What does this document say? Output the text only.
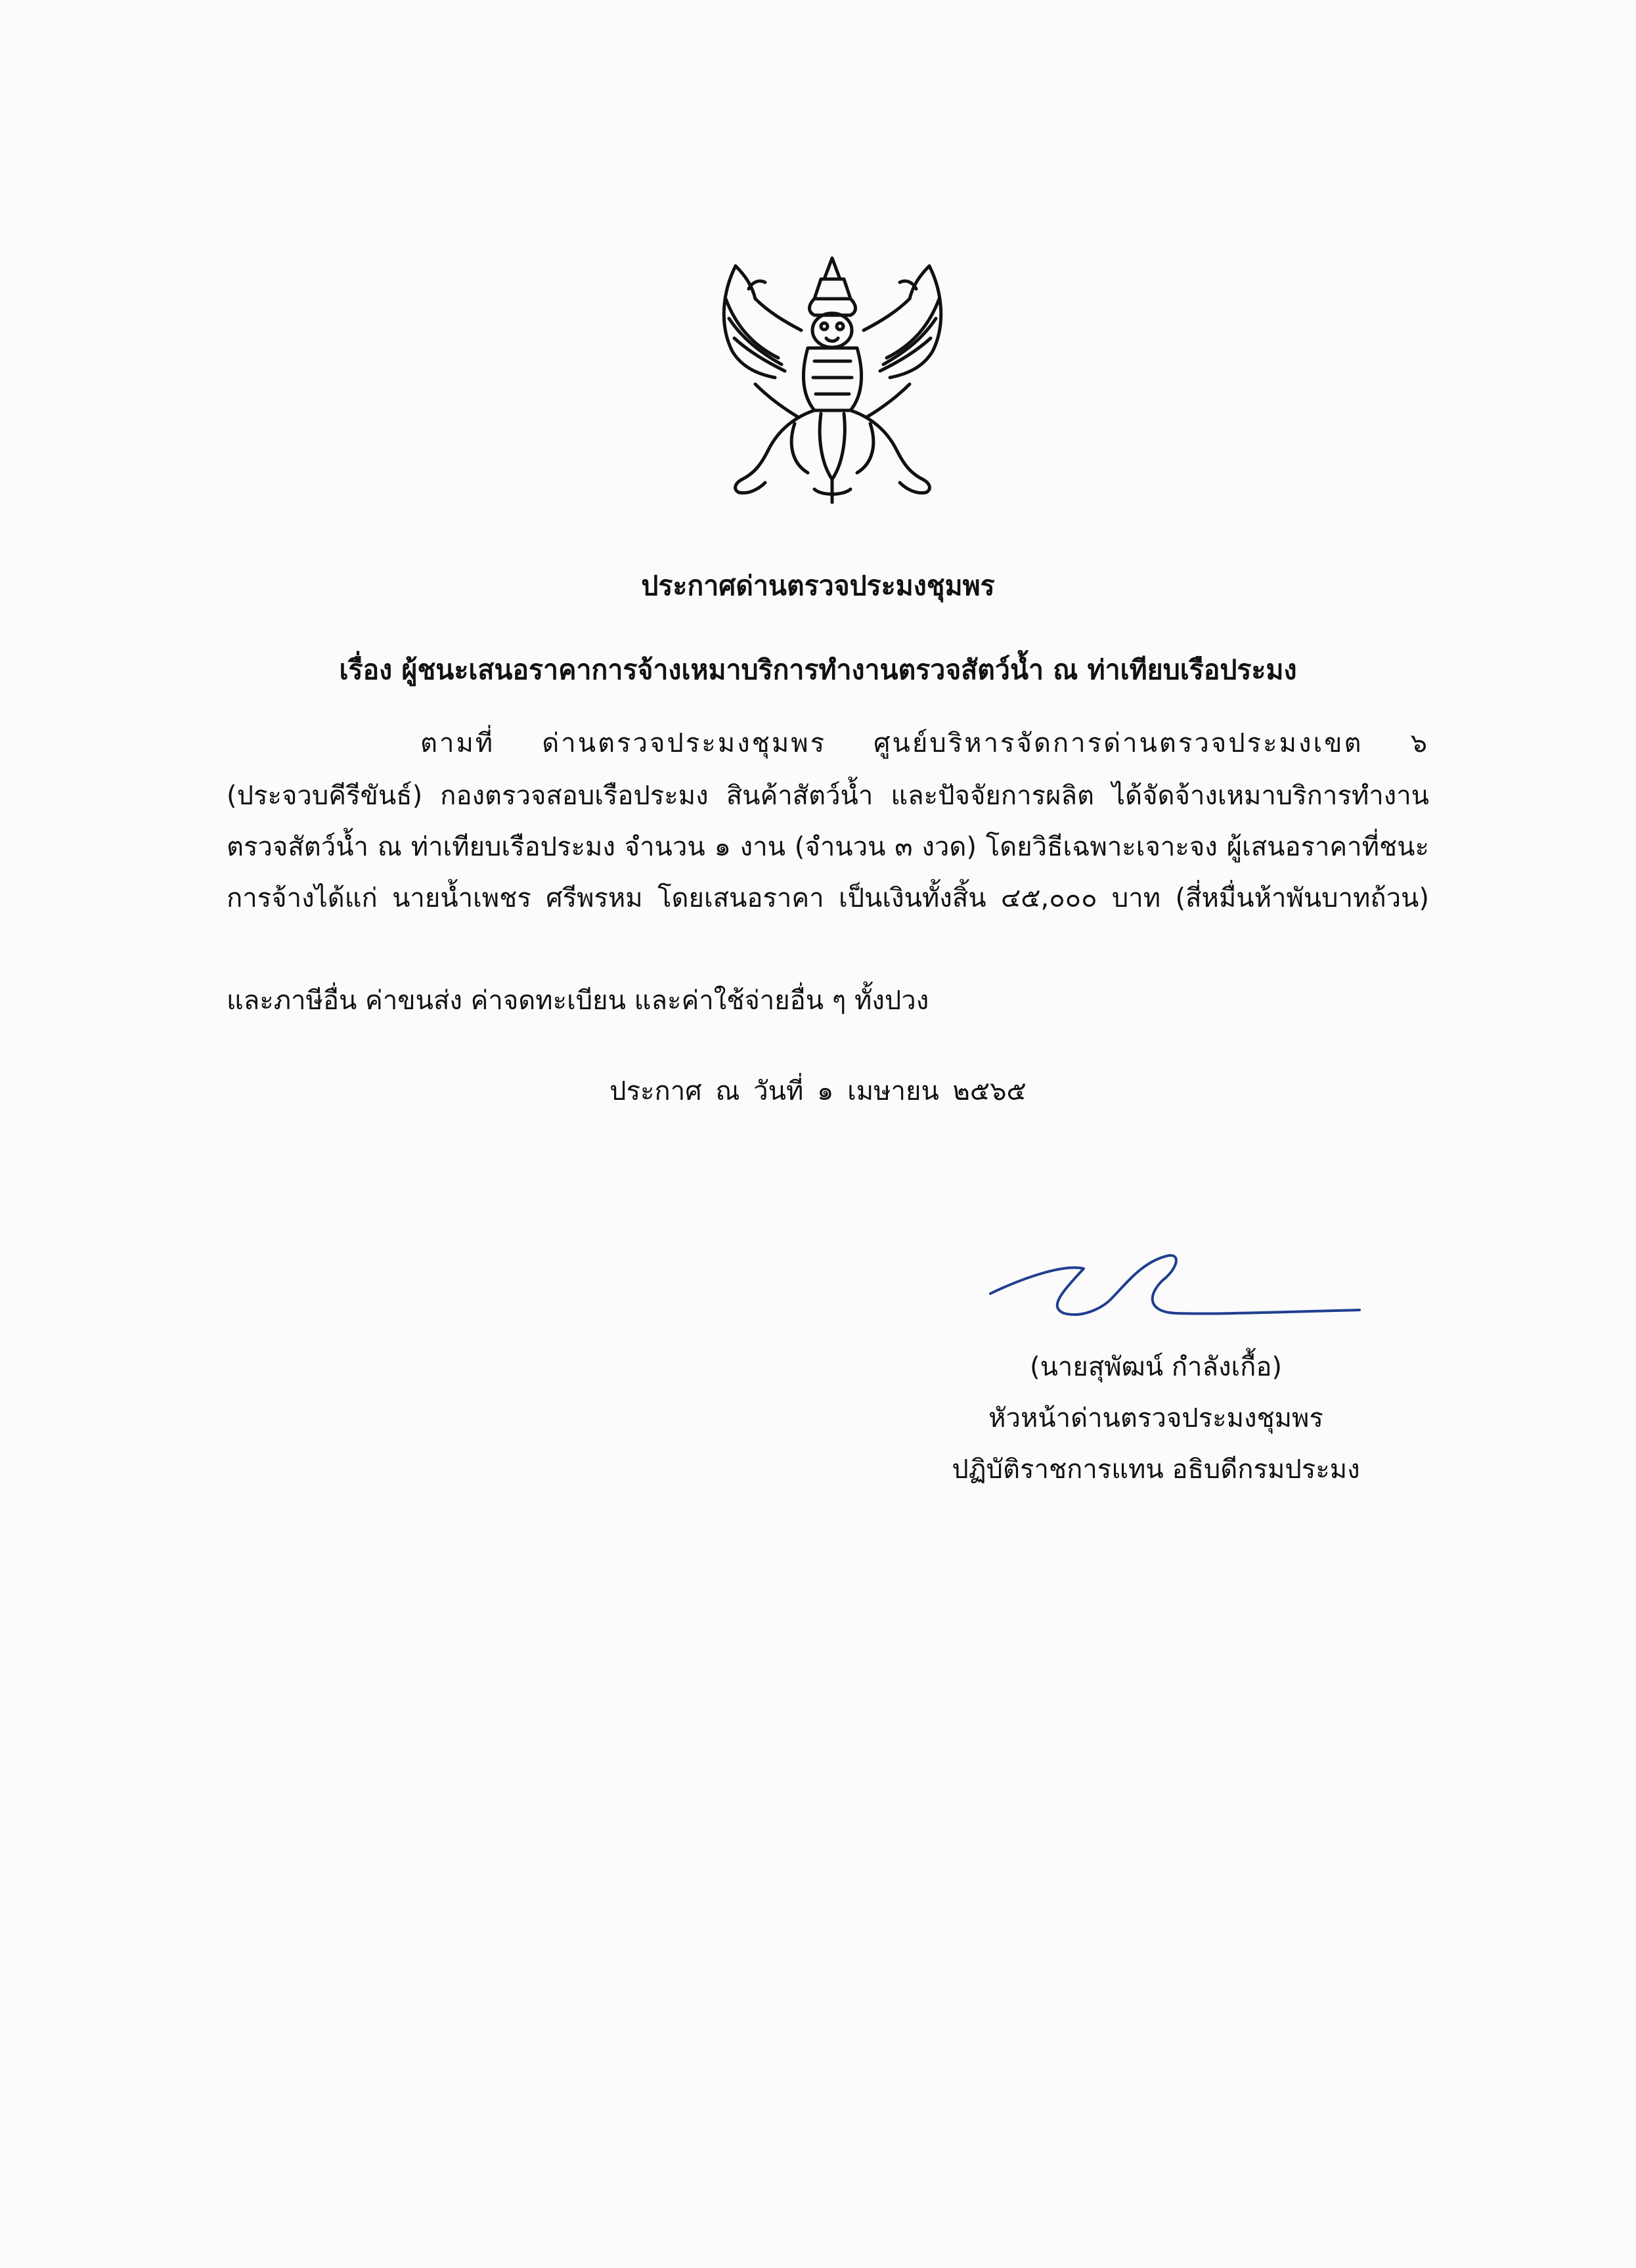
ประกาศด่านตรวจประมงชุมพร
เรื่อง ผู้ชนะเสนอราคาการจ้างเหมาบริการทำงานตรวจสัตว์น้ำ ณ ท่าเทียบเรือประมง
ตามที่ ด่านตรวจประมงชุมพร ศูนย์บริหารจัดการด่านตรวจประมงเขต ๖
(ประจวบคีรีขันธ์) กองตรวจสอบเรือประมง สินค้าสัตว์น้ำ และปัจจัยการผลิต ได้จัดจ้างเหมาบริการทำงาน
ตรวจสัตว์น้ำ ณ ท่าเทียบเรือประมง จำนวน ๑ งาน (จำนวน ๓ งวด) โดยวิธีเฉพาะเจาะจง ผู้เสนอราคาที่ชนะ
การจ้างได้แก่ นายน้ำเพชร ศรีพรหม โดยเสนอราคา เป็นเงินทั้งสิ้น ๔๕,๐๐๐ บาท (สี่หมื่นห้าพันบาทถ้วน)
และภาษีอื่น ค่าขนส่ง ค่าจดทะเบียน และค่าใช้จ่ายอื่น ๆ ทั้งปวง
ประกาศ ณ วันที่ ๑ เมษายน ๒๕๖๕
(นายสุพัฒน์ กำลังเกื้อ)
หัวหน้าด่านตรวจประมงชุมพร
ปฏิบัติราชการแทน อธิบดีกรมประมง
